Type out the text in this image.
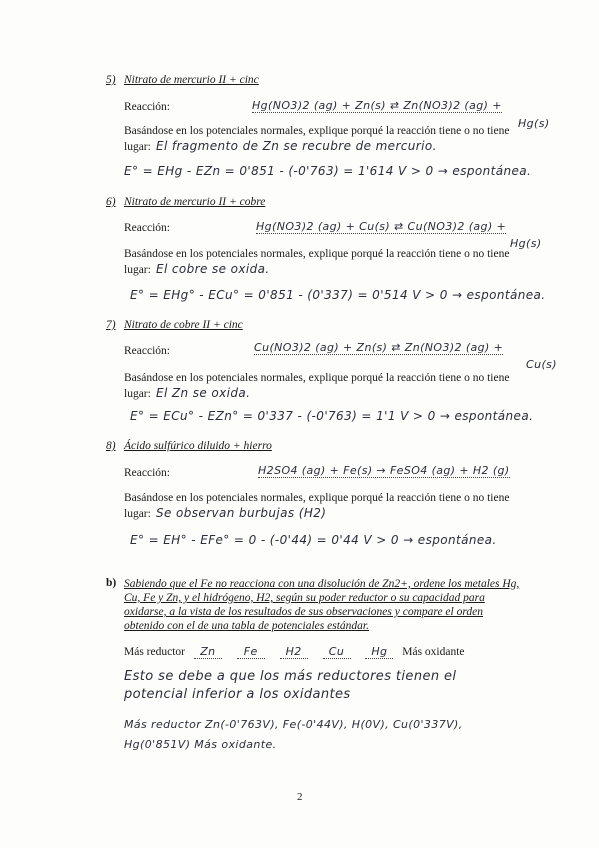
5) Nitrato de mercurio II + cinc
Reacción:	Hg(NO3)2 (ag) + Zn(s) ⇄ Zn(NO3)2 (ag) +
Hg(s)
Basándose en los potenciales normales, explique porqué la reacción tiene o no tiene
lugar: El fragmento de Zn se recubre de mercurio.
E° = EHg - EZn = 0'851 - (-0'763) = 1'614 V > 0 → espontánea.
6) Nitrato de mercurio II + cobre
Reacción:	Hg(NO3)2 (ag) + Cu(s) ⇄ Cu(NO3)2 (ag) +
Hg(s)
Basándose en los potenciales normales, explique porqué la reacción tiene o no tiene
lugar: El cobre se oxida.
E° = EHg° - ECu° = 0'851 - (0'337) = 0'514 V > 0 → espontánea.
7) Nitrato de cobre II + cinc
Reacción:	Cu(NO3)2 (ag) + Zn(s) ⇄ Zn(NO3)2 (ag) +
Cu(s)
Basándose en los potenciales normales, explique porqué la reacción tiene o no tiene
lugar: El Zn se oxida.
E° = ECu° - EZn° = 0'337 - (-0'763) = 1'1 V > 0 → espontánea.
8) Ácido sulfúrico diluido + hierro
Reacción:	H2SO4 (ag) + Fe(s) → FeSO4 (ag) + H2 (g)
Basándose en los potenciales normales, explique porqué la reacción tiene o no tiene
lugar: Se observan burbujas (H2)
E° = EH° - EFe° = 0 - (-0'44) = 0'44 V > 0 → espontánea.
b) Sabiendo que el Fe no reacciona con una disolución de Zn2+, ordene los metales Hg, Cu, Fe y Zn, y el hidrógeno, H2, según su poder reductor o su capacidad para oxidarse, a la vista de los resultados de sus observaciones y compare el orden obtenido con el de una tabla de potenciales estándar.
Más reductor Zn	Fe	H2 Cu Hg Más oxidante
Esto se debe a que los más reductores tienen el
potencial inferior a los oxidantes
Más reductor Zn(-0'763V), Fe(-0'44V), H(0V), Cu(0'337V),
Hg(0'851V) Más oxidante.
2
